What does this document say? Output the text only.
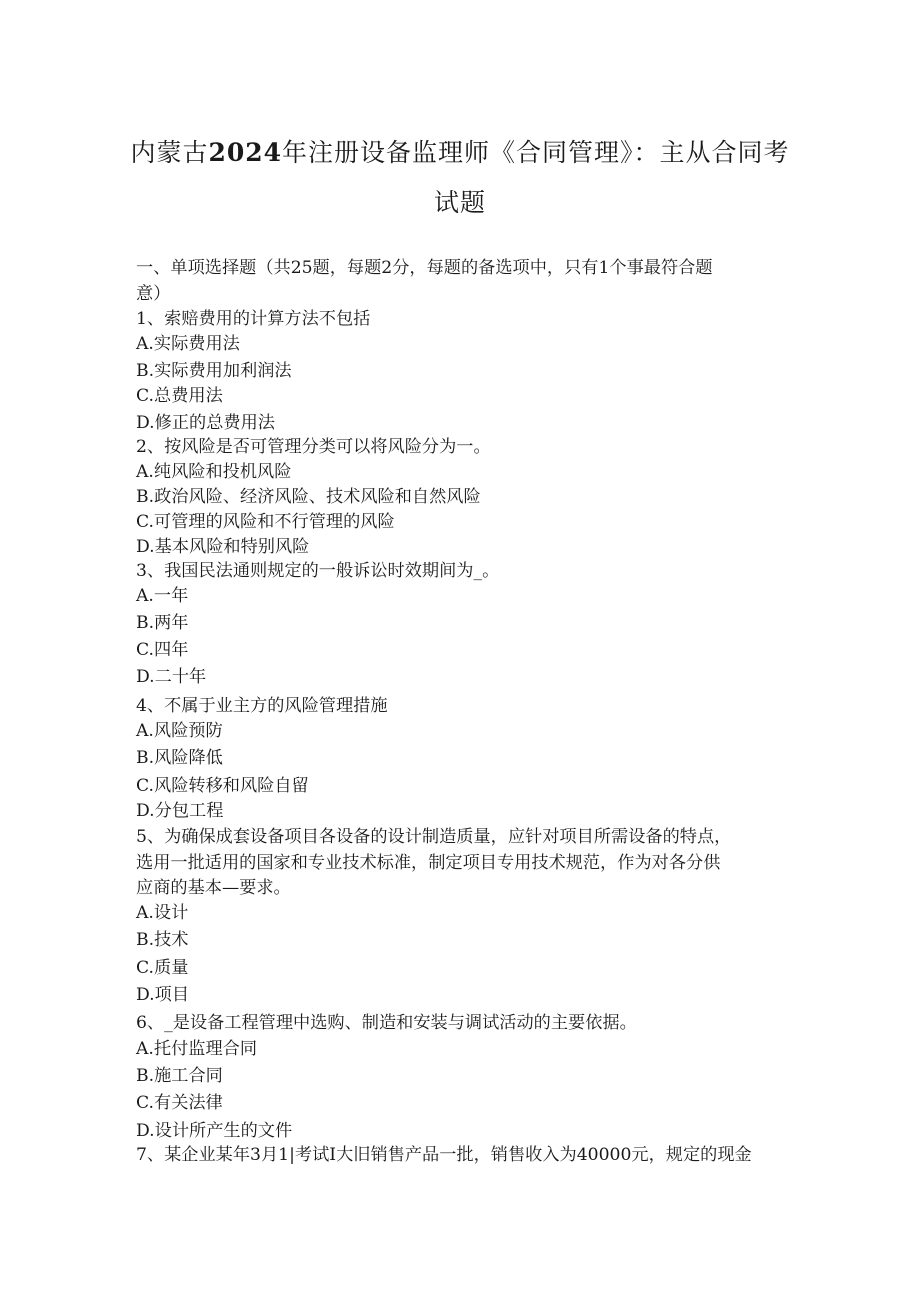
内蒙古2024年注册设备监理师《合同管理》：主从合同考
试题
一、单项选择题（共25题，每题2分，每题的备选项中，只有1个事最符合题
意）
1、索赔费用的计算方法不包括
A.实际费用法
B.实际费用加利润法
C.总费用法
D.修正的总费用法
2、按风险是否可管理分类可以将风险分为一。
A.纯风险和投机风险
B.政治风险、经济风险、技术风险和自然风险
C.可管理的风险和不行管理的风险
D.基本风险和特别风险
3、我国民法通则规定的一般诉讼时效期间为_。
A.一年
B.两年
C.四年
D.二十年
4、不属于业主方的风险管理措施
A.风险预防
B.风险降低
C.风险转移和风险自留
D.分包工程
5、为确保成套设备项目各设备的设计制造质量，应针对项目所需设备的特点，
选用一批适用的国家和专业技术标准，制定项目专用技术规范，作为对各分供
应商的基本—要求。
A.设计
B.技术
C.质量
D.项目
6、_是设备工程管理中选购、制造和安装与调试活动的主要依据。
A.托付监理合同
B.施工合同
C.有关法律
D.设计所产生的文件
7、某企业某年3月1|考试I大旧销售产品一批，销售收入为40000元，规定的现金
